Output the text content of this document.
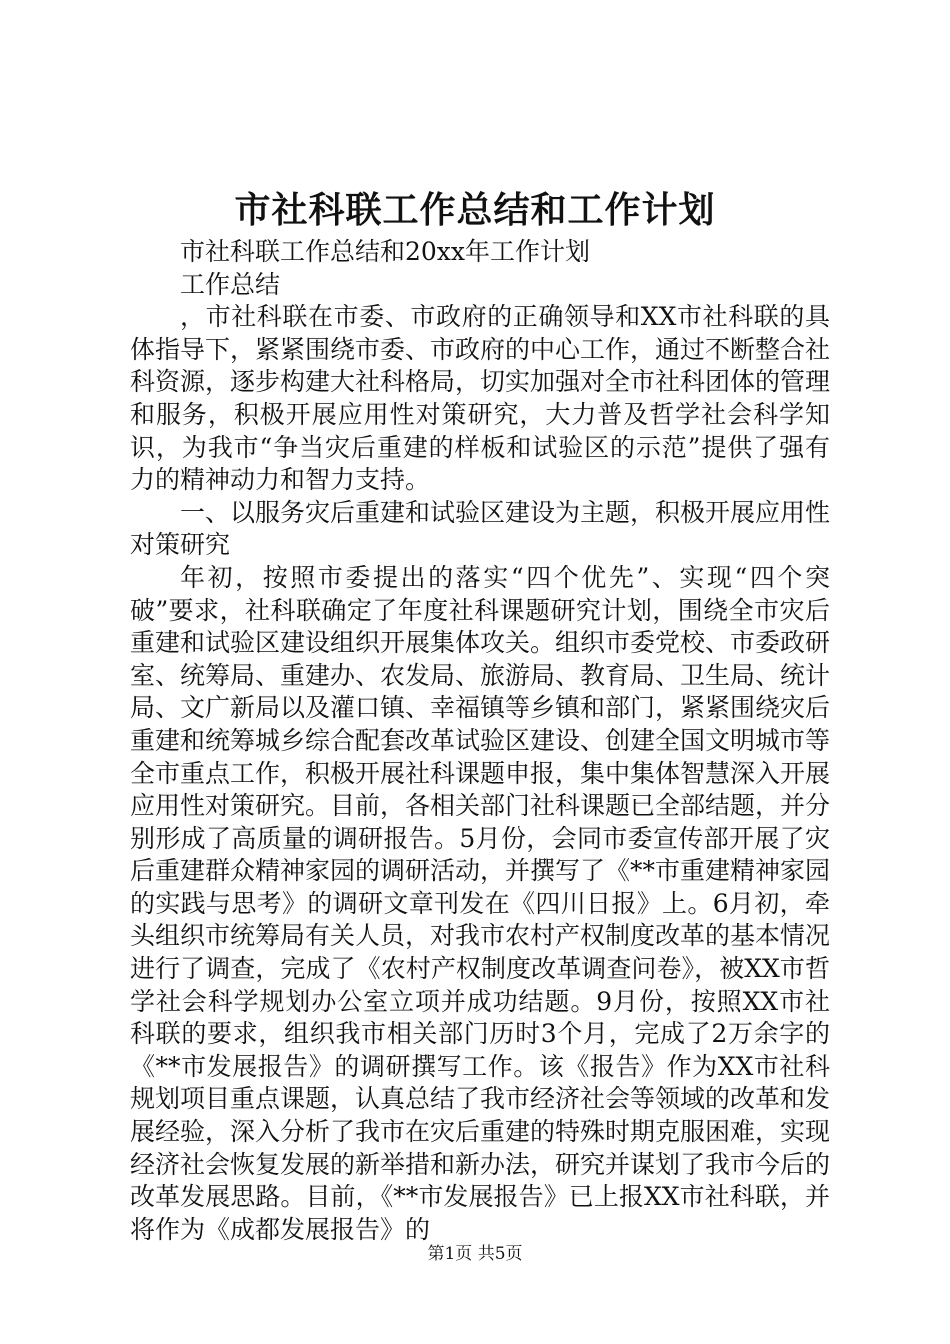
市社科联工作总结和工作计划

市社科联工作总结和20xx年工作计划

工作总结

，市社科联在市委、市政府的正确领导和XX市社科联的具体指导下，紧紧围绕市委、市政府的中心工作，通过不断整合社科资源，逐步构建大社科格局，切实加强对全市社科团体的管理和服务，积极开展应用性对策研究，大力普及哲学社会科学知识，为我市“争当灾后重建的样板和试验区的示范”提供了强有力的精神动力和智力支持。

一、以服务灾后重建和试验区建设为主题，积极开展应用性对策研究

年初，按照市委提出的落实“四个优先”、实现“四个突破”要求，社科联确定了年度社科课题研究计划，围绕全市灾后重建和试验区建设组织开展集体攻关。组织市委党校、市委政研室、统筹局、重建办、农发局、旅游局、教育局、卫生局、统计局、文广新局以及灌口镇、幸福镇等乡镇和部门，紧紧围绕灾后重建和统筹城乡综合配套改革试验区建设、创建全国文明城市等全市重点工作，积极开展社科课题申报，集中集体智慧深入开展应用性对策研究。目前，各相关部门社科课题已全部结题，并分别形成了高质量的调研报告。5月份，会同市委宣传部开展了灾后重建群众精神家园的调研活动，并撰写了《**市重建精神家园的实践与思考》的调研文章刊发在《四川日报》上。6月初，牵头组织市统筹局有关人员，对我市农村产权制度改革的基本情况进行了调查，完成了《农村产权制度改革调查问卷》，被XX市哲学社会科学规划办公室立项并成功结题。9月份，按照XX市社科联的要求，组织我市相关部门历时3个月，完成了2万余字的《**市发展报告》的调研撰写工作。该《报告》作为XX市社科规划项目重点课题，认真总结了我市经济社会等领域的改革和发展经验，深入分析了我市在灾后重建的特殊时期克服困难，实现经济社会恢复发展的新举措和新办法，研究并谋划了我市今后的改革发展思路。目前，《**市发展报告》已上报XX市社科联，并将作为《成都发展报告》的

第1页 共5页
